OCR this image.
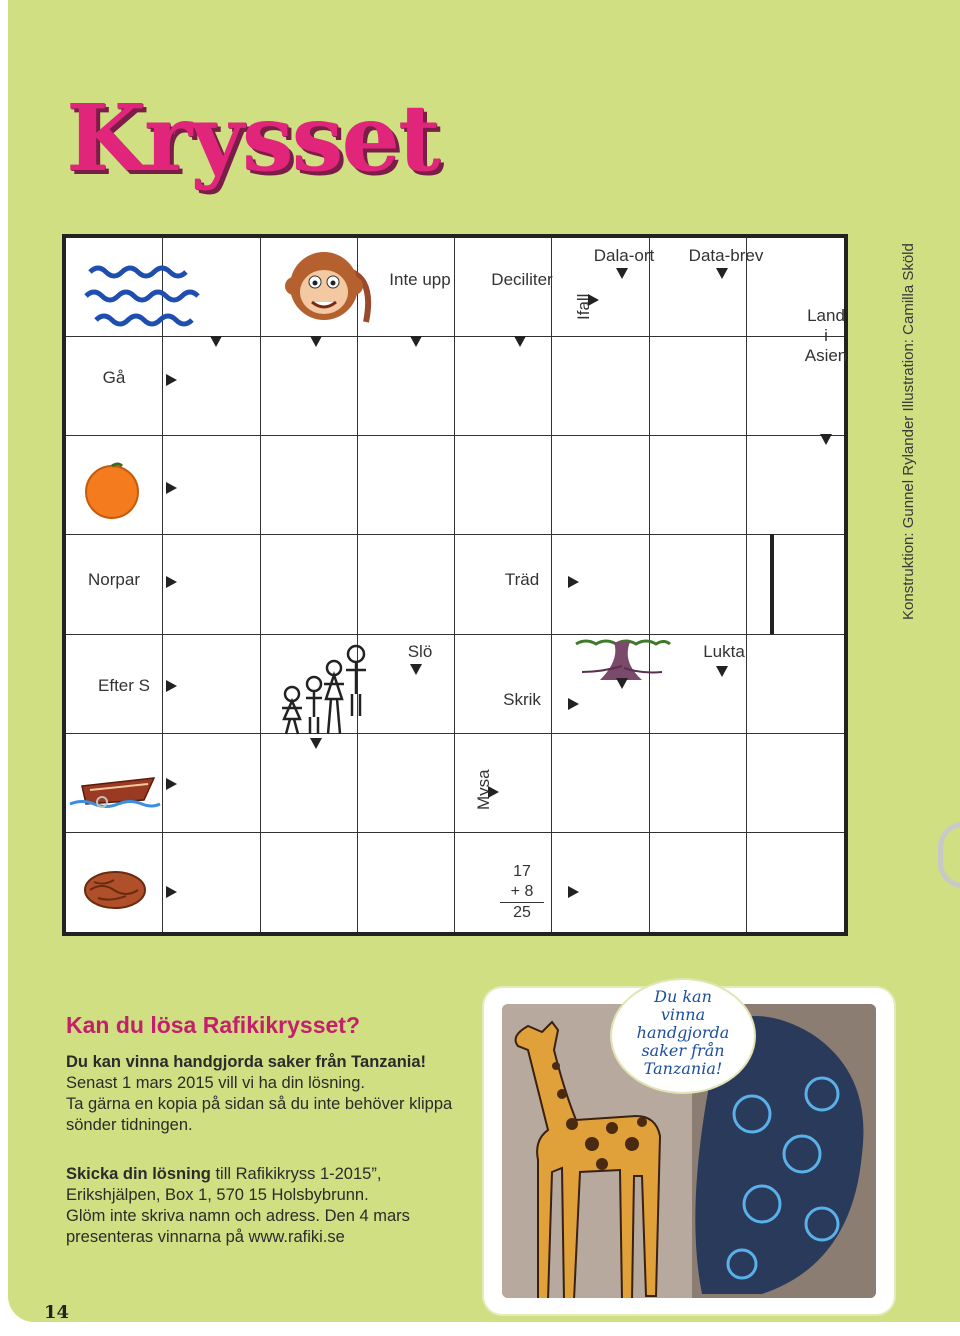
Krysset
Konstruktion: Gunnel Rylander Illustration: Camilla Sköld
Inte upp	Deciliter
Ifall
Dala-ort	Data-brev
Land
i
Asien
Gå
Norpar	Träd
Efter S
Slö
Skrik
Lukta
Mysa
17
+ 8
25
Kan du lösa Rafikikrysset?

Du kan vinna handgjorda saker från Tanzania!

Senast 1 mars 2015 vill vi ha din lösning.

Ta gärna en kopia på sidan så du inte behöver klippa sönder tidningen.

Skicka din lösning till Rafikikryss 1-2015”,

Erikshjälpen, Box 1, 570 15 Holsbybrunn.

Glöm inte skriva namn och adress. Den 4 mars

presenteras vinnarna på www.rafiki.se

Du kan
vinna
handgjorda
saker från
Tanzania!
14
